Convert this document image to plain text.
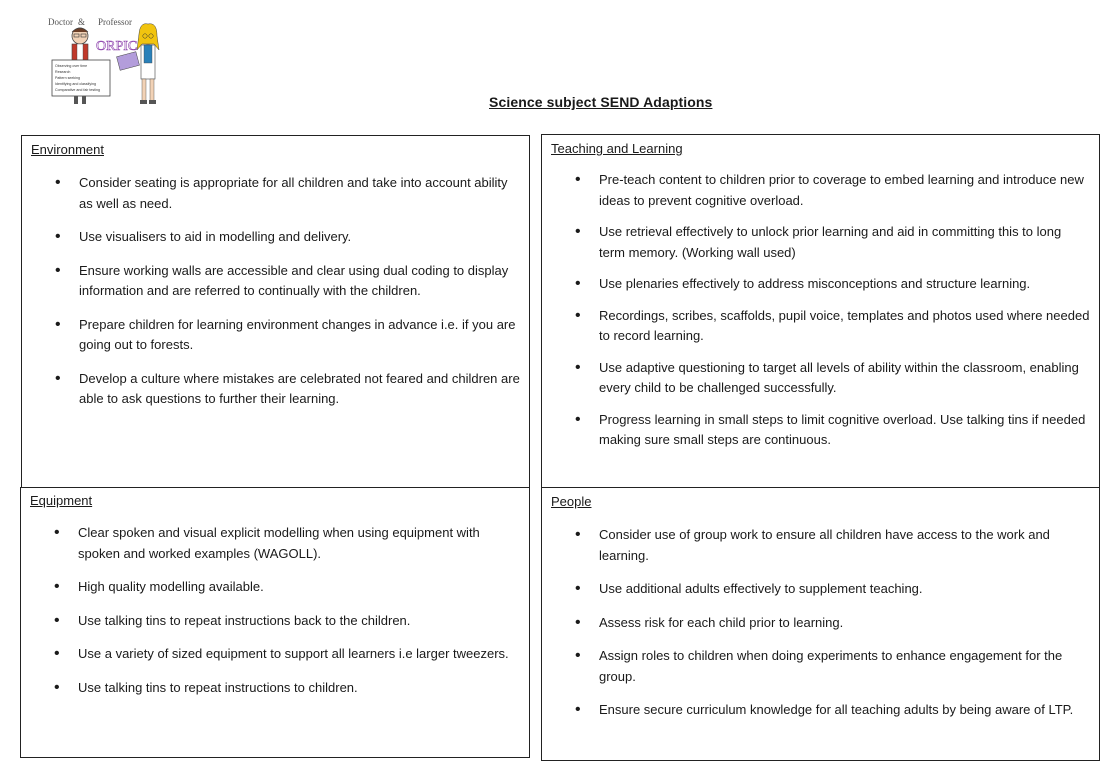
Doctor & Professor
ORPIC
Observing over time
Research
Pattern seeking
Identifying and classifying
Comparative and fair testing
Science subject SEND Adaptions
Environment
• Consider seating is appropriate for all children and take into account ability as well as need.
• Use visualisers to aid in modelling and delivery.
• Ensure working walls are accessible and clear using dual coding to display information and are referred to continually with the children.
• Prepare children for learning environment changes in advance i.e. if you are going out to forests.
• Develop a culture where mistakes are celebrated not feared and children are able to ask questions to further their learning.
Teaching and Learning
• Pre-teach content to children prior to coverage to embed learning and introduce new ideas to prevent cognitive overload.
• Use retrieval effectively to unlock prior learning and aid in committing this to long term memory. (Working wall used)
• Use plenaries effectively to address misconceptions and structure learning.
• Recordings, scribes, scaffolds, pupil voice, templates and photos used where needed to record learning.
• Use adaptive questioning to target all levels of ability within the classroom, enabling every child to be challenged successfully.
• Progress learning in small steps to limit cognitive overload. Use talking tins if needed making sure small steps are continuous.
Equipment
• Clear spoken and visual explicit modelling when using equipment with spoken and worked examples (WAGOLL).
• High quality modelling available.
• Use talking tins to repeat instructions back to the children.
• Use a variety of sized equipment to support all learners i.e larger tweezers.
• Use talking tins to repeat instructions to children.
People
• Consider use of group work to ensure all children have access to the work and learning.
• Use additional adults effectively to supplement teaching.
• Assess risk for each child prior to learning.
• Assign roles to children when doing experiments to enhance engagement for the group.
• Ensure secure curriculum knowledge for all teaching adults by being aware of LTP.
